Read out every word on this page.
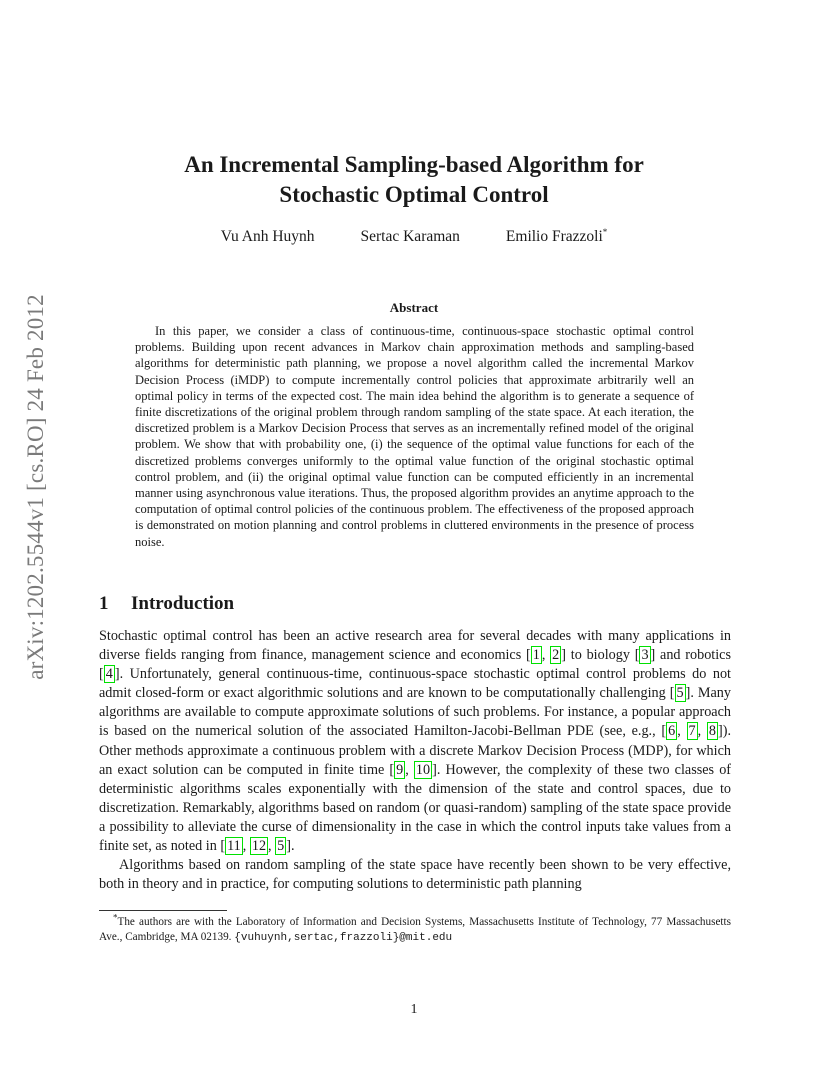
arXiv:1202.5544v1 [cs.RO] 24 Feb 2012
An Incremental Sampling-based Algorithm for
Stochastic Optimal Control
Vu Anh Huynh	Sertac Karaman	Emilio Frazzoli*
Abstract

In this paper, we consider a class of continuous-time, continuous-space stochastic optimal control problems. Building upon recent advances in Markov chain approximation methods and sampling-based algorithms for deterministic path planning, we propose a novel algorithm called the incremental Markov Decision Process (iMDP) to compute incrementally control policies that approximate arbitrarily well an optimal policy in terms of the expected cost. The main idea behind the algorithm is to generate a sequence of finite discretizations of the original problem through random sampling of the state space. At each iteration, the discretized problem is a Markov Decision Process that serves as an incrementally refined model of the original problem. We show that with probability one, (i) the sequence of the optimal value functions for each of the discretized problems converges uniformly to the optimal value function of the original stochastic optimal control problem, and (ii) the original optimal value function can be computed efficiently in an incremental manner using asynchronous value iterations. Thus, the proposed algorithm provides an anytime approach to the computation of optimal control policies of the continuous problem. The effectiveness of the proposed approach is demonstrated on motion planning and control problems in cluttered environments in the presence of process noise.

1 Introduction

Stochastic optimal control has been an active research area for several decades with many applications in diverse fields ranging from finance, management science and economics [ 1 , 2 ] to biology [ 3 ] and robotics [ 4 ]. Unfortunately, general continuous-time, continuous-space stochastic optimal control problems do not admit closed-form or exact algorithmic solutions and are known to be computationally challenging [ 5 ]. Many algorithms are available to compute approximate solutions of such problems. For instance, a popular approach is based on the numerical solution of the associated Hamilton-Jacobi-Bellman PDE (see, e.g., [ 6 , 7 , 8 ]). Other methods approximate a continuous problem with a discrete Markov Decision Process (MDP), for which an exact solution can be computed in finite time [ 9 , 10 ]. However, the complexity of these two classes of deterministic algorithms scales exponentially with the dimension of the state and control spaces, due to discretization. Remarkably, algorithms based on random (or quasi-random) sampling of the state space provide a possibility to alleviate the curse of dimensionality in the case in which the control inputs take values from a finite set, as noted in [ 11 , 12 , 5 ].

Algorithms based on random sampling of the state space have recently been shown to be very effective, both in theory and in practice, for computing solutions to deterministic path planning

*The authors are with the Laboratory of Information and Decision Systems, Massachusetts Institute of Technology, 77 Massachusetts Ave., Cambridge, MA 02139. {vuhuynh,sertac,frazzoli}@mit.edu

1
